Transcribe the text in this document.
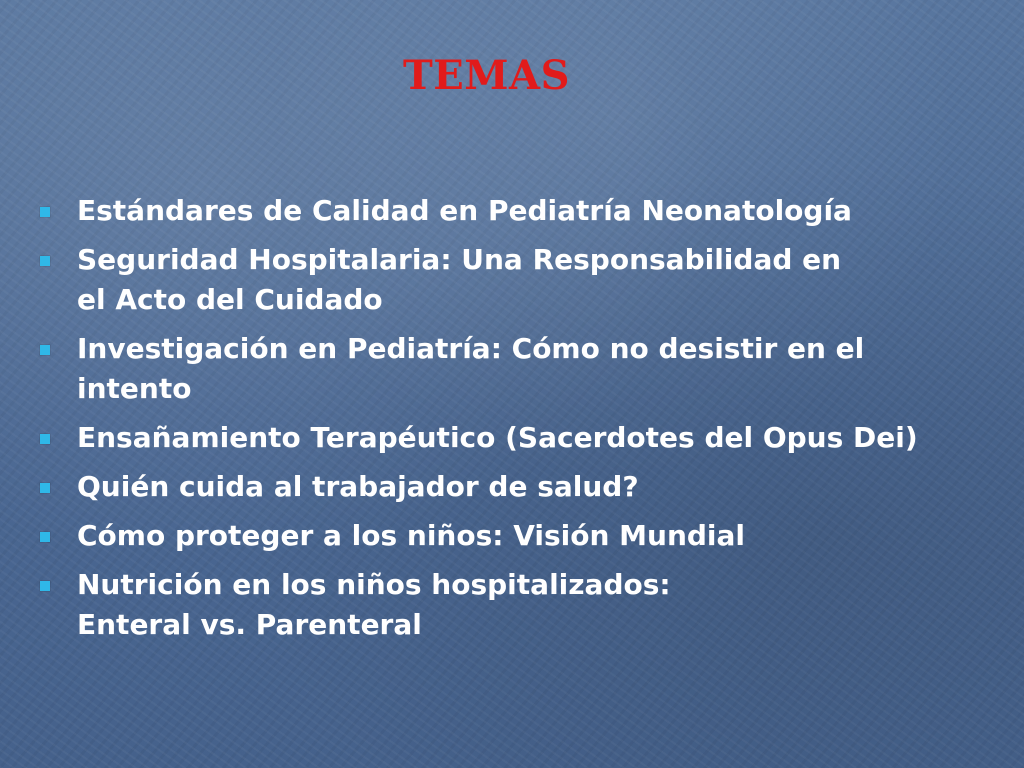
TEMAS
Estándares de Calidad en Pediatría Neonatología
Seguridad Hospitalaria: Una Responsabilidad en
el Acto del Cuidado
Investigación en Pediatría: Cómo no desistir en el
intento
Ensañamiento Terapéutico (Sacerdotes del Opus Dei)
Quién cuida al trabajador de salud?
Cómo proteger a los niños: Visión Mundial
Nutrición en los niños hospitalizados:
Enteral vs. Parenteral
